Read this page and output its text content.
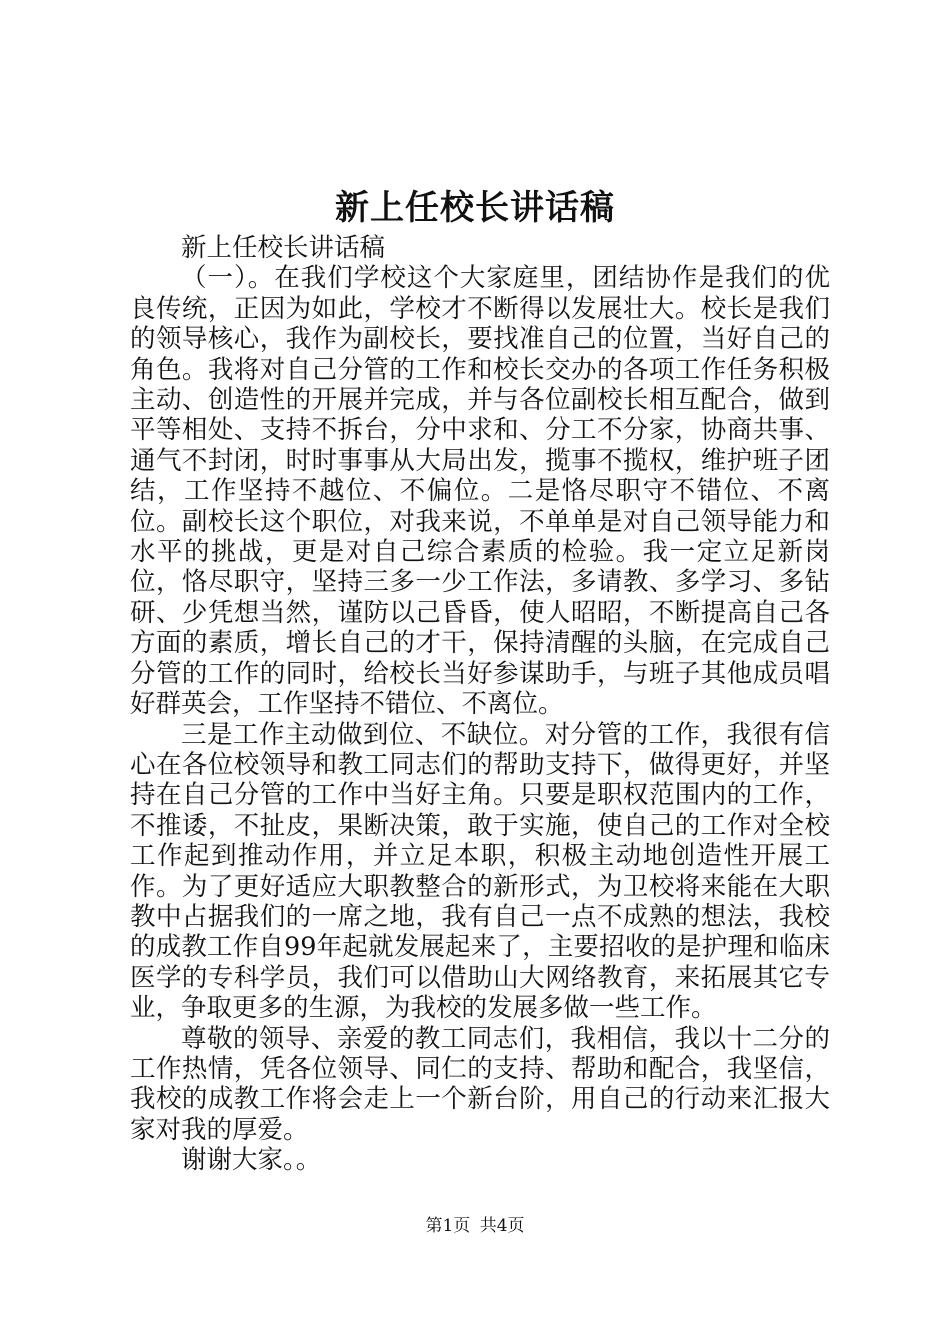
新上任校长讲话稿

新上任校长讲话稿

（一）。在我们学校这个大家庭里，团结协作是我们的优良传统，正因为如此，学校才不断得以发展壮大。校长是我们的领导核心，我作为副校长，要找准自己的位置，当好自己的角色。我将对自己分管的工作和校长交办的各项工作任务积极主动、创造性的开展并完成，并与各位副校长相互配合，做到平等相处、支持不拆台，分中求和、分工不分家，协商共事、通气不封闭，时时事事从大局出发，揽事不揽权，维护班子团结，工作坚持不越位、不偏位。二是恪尽职守不错位、不离位。副校长这个职位，对我来说，不单单是对自己领导能力和水平的挑战，更是对自己综合素质的检验。我一定立足新岗位，恪尽职守，坚持三多一少工作法，多请教、多学习、多钻研、少凭想当然，谨防以己昏昏，使人昭昭，不断提高自己各方面的素质，增长自己的才干，保持清醒的头脑，在完成自己分管的工作的同时，给校长当好参谋助手，与班子其他成员唱好群英会，工作坚持不错位、不离位。

三是工作主动做到位、不缺位。对分管的工作，我很有信心在各位校领导和教工同志们的帮助支持下，做得更好，并坚持在自己分管的工作中当好主角。只要是职权范围内的工作，不推诿，不扯皮，果断决策，敢于实施，使自己的工作对全校工作起到推动作用，并立足本职，积极主动地创造性开展工作。为了更好适应大职教整合的新形式，为卫校将来能在大职教中占据我们的一席之地，我有自己一点不成熟的想法，我校的成教工作自99年起就发展起来了，主要招收的是护理和临床医学的专科学员，我们可以借助山大网络教育，来拓展其它专业，争取更多的生源，为我校的发展多做一些工作。

尊敬的领导、亲爱的教工同志们，我相信，我以十二分的工作热情，凭各位领导、同仁的支持、帮助和配合，我坚信，我校的成教工作将会走上一个新台阶，用自己的行动来汇报大家对我的厚爱。

谢谢大家。。

第1页 共4页
